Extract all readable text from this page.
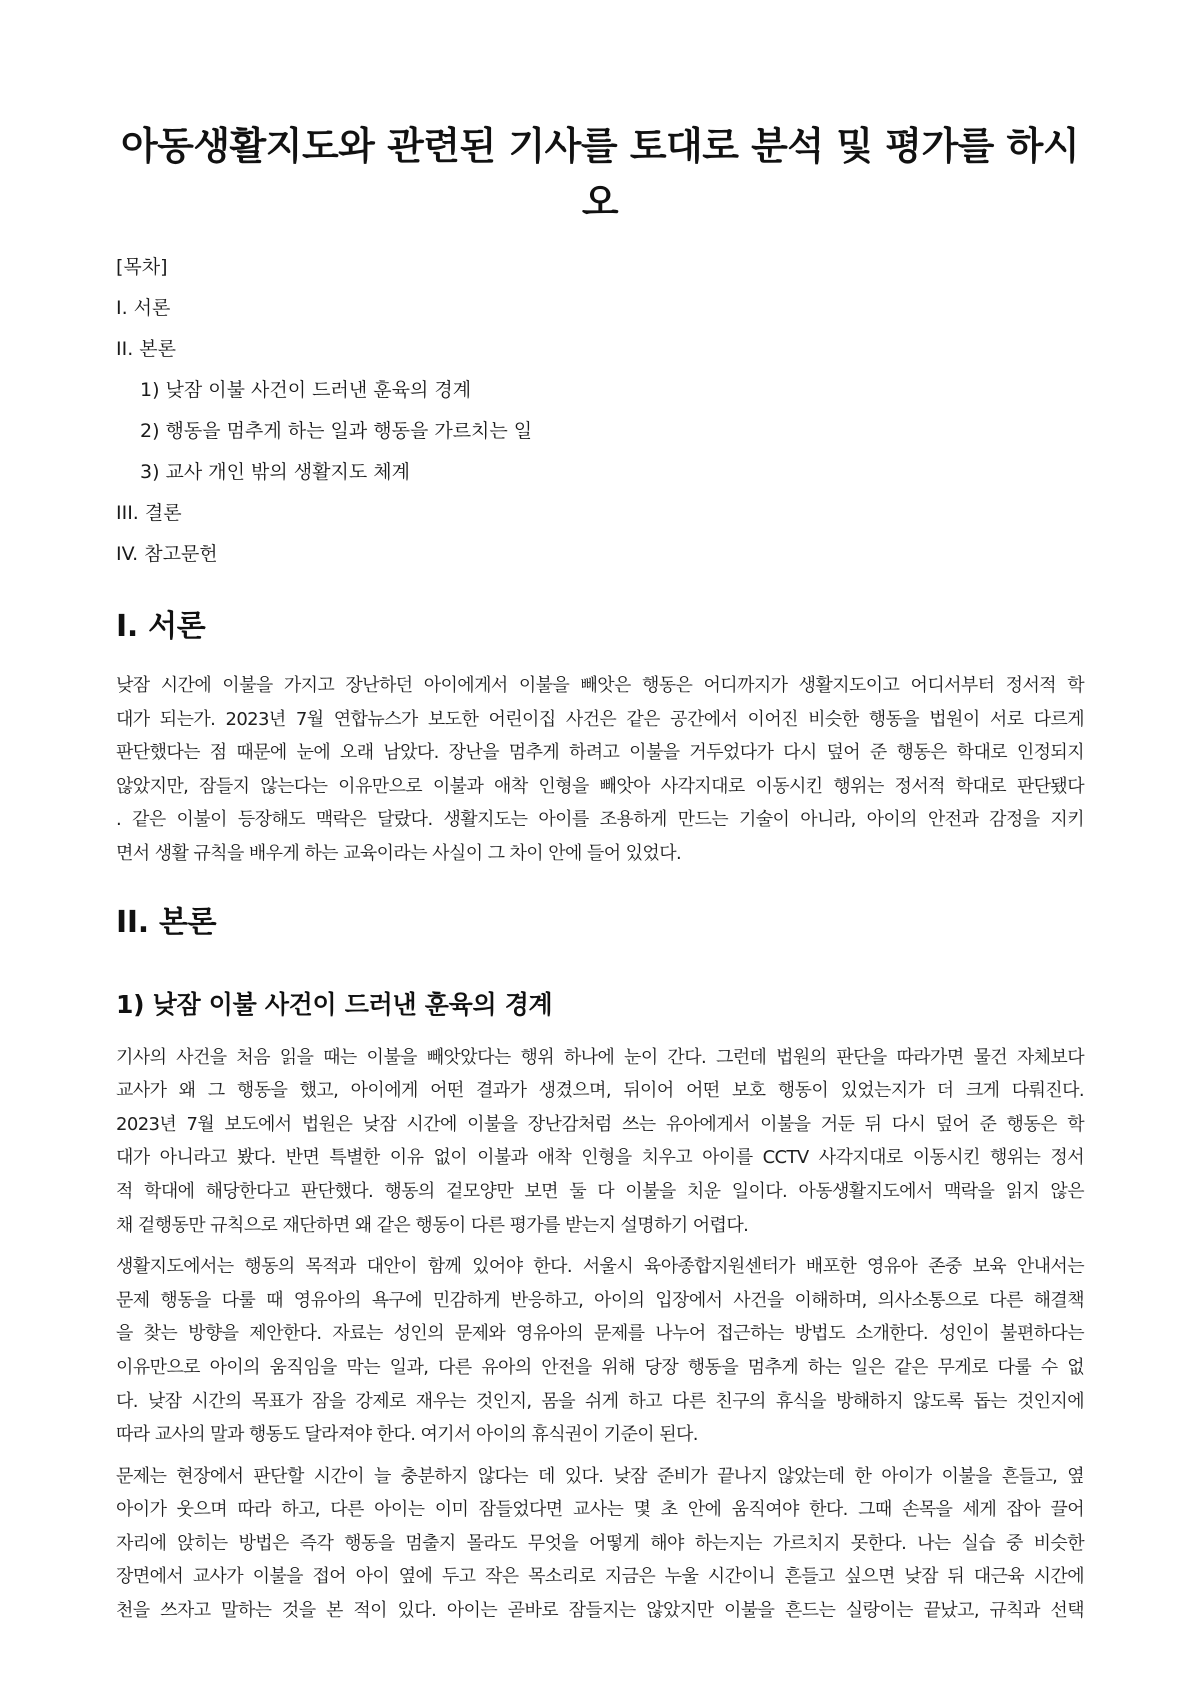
아동생활지도와 관련된 기사를 토대로 분석 및 평가를 하시오
[목차]
I. 서론
II. 본론
1) 낮잠 이불 사건이 드러낸 훈육의 경계
2) 행동을 멈추게 하는 일과 행동을 가르치는 일
3) 교사 개인 밖의 생활지도 체계
III. 결론
IV. 참고문헌
I. 서론
낮잠 시간에 이불을 가지고 장난하던 아이에게서 이불을 빼앗은 행동은 어디까지가 생활지도이고 어디서부터 정서적 학
대가 되는가. 2023년 7월 연합뉴스가 보도한 어린이집 사건은 같은 공간에서 이어진 비슷한 행동을 법원이 서로 다르게
판단했다는 점 때문에 눈에 오래 남았다. 장난을 멈추게 하려고 이불을 거두었다가 다시 덮어 준 행동은 학대로 인정되지
않았지만, 잠들지 않는다는 이유만으로 이불과 애착 인형을 빼앗아 사각지대로 이동시킨 행위는 정서적 학대로 판단됐다
. 같은 이불이 등장해도 맥락은 달랐다. 생활지도는 아이를 조용하게 만드는 기술이 아니라, 아이의 안전과 감정을 지키
면서 생활 규칙을 배우게 하는 교육이라는 사실이 그 차이 안에 들어 있었다.
II. 본론
1) 낮잠 이불 사건이 드러낸 훈육의 경계
기사의 사건을 처음 읽을 때는 이불을 빼앗았다는 행위 하나에 눈이 간다. 그런데 법원의 판단을 따라가면 물건 자체보다
교사가 왜 그 행동을 했고, 아이에게 어떤 결과가 생겼으며, 뒤이어 어떤 보호 행동이 있었는지가 더 크게 다뤄진다.
2023년 7월 보도에서 법원은 낮잠 시간에 이불을 장난감처럼 쓰는 유아에게서 이불을 거둔 뒤 다시 덮어 준 행동은 학
대가 아니라고 봤다. 반면 특별한 이유 없이 이불과 애착 인형을 치우고 아이를 CCTV 사각지대로 이동시킨 행위는 정서
적 학대에 해당한다고 판단했다. 행동의 겉모양만 보면 둘 다 이불을 치운 일이다. 아동생활지도에서 맥락을 읽지 않은
채 겉행동만 규칙으로 재단하면 왜 같은 행동이 다른 평가를 받는지 설명하기 어렵다.
생활지도에서는 행동의 목적과 대안이 함께 있어야 한다. 서울시 육아종합지원센터가 배포한 영유아 존중 보육 안내서는
문제 행동을 다룰 때 영유아의 욕구에 민감하게 반응하고, 아이의 입장에서 사건을 이해하며, 의사소통으로 다른 해결책
을 찾는 방향을 제안한다. 자료는 성인의 문제와 영유아의 문제를 나누어 접근하는 방법도 소개한다. 성인이 불편하다는
이유만으로 아이의 움직임을 막는 일과, 다른 유아의 안전을 위해 당장 행동을 멈추게 하는 일은 같은 무게로 다룰 수 없
다. 낮잠 시간의 목표가 잠을 강제로 재우는 것인지, 몸을 쉬게 하고 다른 친구의 휴식을 방해하지 않도록 돕는 것인지에
따라 교사의 말과 행동도 달라져야 한다. 여기서 아이의 휴식권이 기준이 된다.
문제는 현장에서 판단할 시간이 늘 충분하지 않다는 데 있다. 낮잠 준비가 끝나지 않았는데 한 아이가 이불을 흔들고, 옆
아이가 웃으며 따라 하고, 다른 아이는 이미 잠들었다면 교사는 몇 초 안에 움직여야 한다. 그때 손목을 세게 잡아 끌어
자리에 앉히는 방법은 즉각 행동을 멈출지 몰라도 무엇을 어떻게 해야 하는지는 가르치지 못한다. 나는 실습 중 비슷한
장면에서 교사가 이불을 접어 아이 옆에 두고 작은 목소리로 지금은 누울 시간이니 흔들고 싶으면 낮잠 뒤 대근육 시간에
천을 쓰자고 말하는 것을 본 적이 있다. 아이는 곧바로 잠들지는 않았지만 이불을 흔드는 실랑이는 끝났고, 규칙과 선택
